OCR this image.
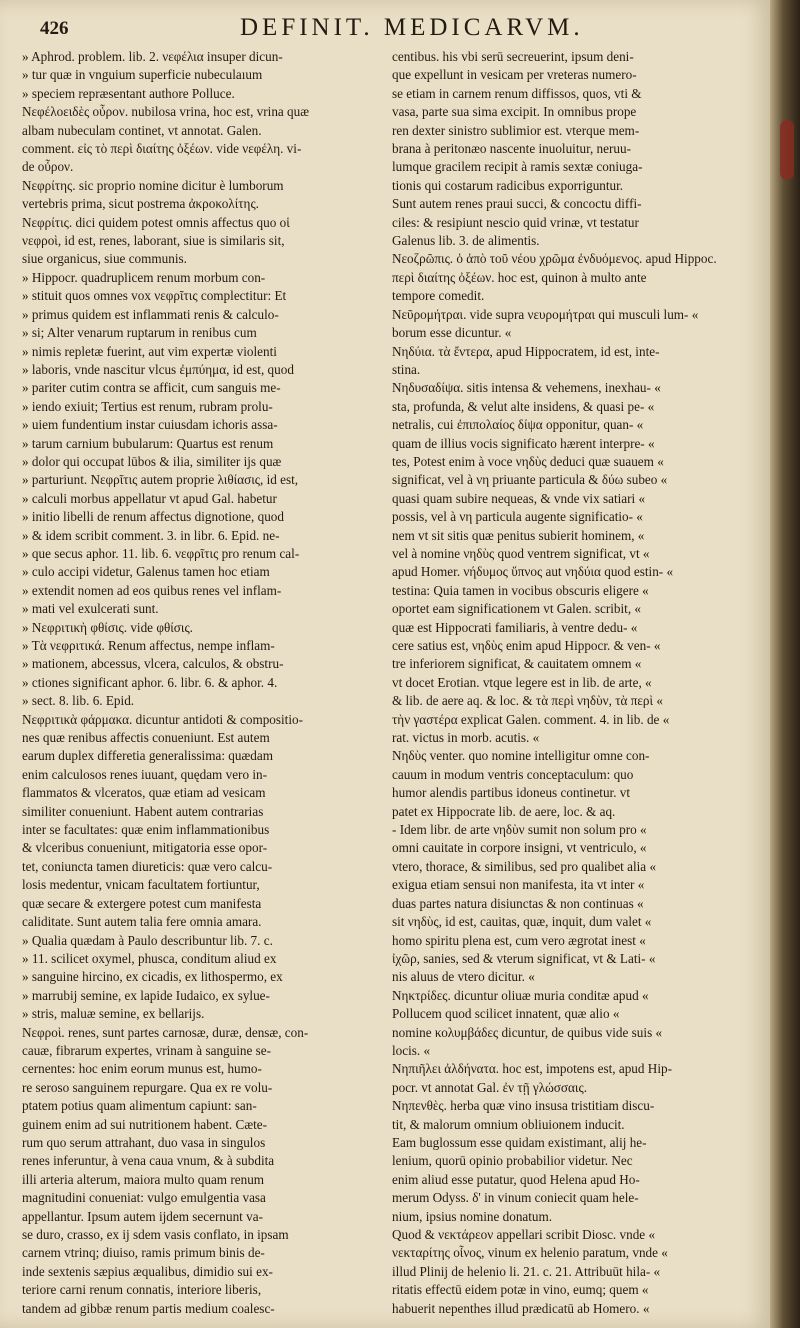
426	DEFINIT. MEDICARVM.
» Aphrod. problem. lib. 2. νεφέλια insuper dicun-
» tur quæ in vnguium superficie nubeculaıum
» speciem repræsentant authore Polluce.
Νεφέλοειδὲς οὖρον. nubilosa vrina, hoc est, vrina quæ
albam nubeculam continet, vt annotat. Galen.
comment. εἰς τὸ περὶ διαίτης ὀξέων. vide νεφέλη. vi-
de οὖρον.
Νεφρίτης. sic proprio nomine dicitur è lumborum
vertebris prima, sicut postrema ἀκροκολίτης.
Νεφρίτις. dici quidem potest omnis affectus quo οἱ
νεφροὶ, id est, renes, laborant, siue is similaris sit,
siue organicus, siue communis.
» Hippocr. quadruplicem renum morbum con-
» stituit quos omnes vox νεφρῖτις complectitur: Et
» primus quidem est inflammati renis & calculo-
» si; Alter venarum ruptarum in renibus cum
» nimis repletæ fuerint, aut vim expertæ violenti
» laboris, vnde nascitur vlcus ἐμπύημα, id est, quod
» pariter cutim contra se afficit, cum sanguis me-
» iendo exiuit; Tertius est renum, rubram prolu-
» uiem fundentium instar cuiusdam ichoris assa-
» tarum carnium bubularum: Quartus est renum
» dolor qui occupat lūbos & ilia, similiter ijs quæ
» parturiunt. Νεφρῖτις autem proprie λιθίασις, id est,
» calculi morbus appellatur vt apud Gal. habetur
» initio libelli de renum affectus dignotione, quod
» & idem scribit comment. 3. in libr. 6. Epid. ne-
» que secus aphor. 11. lib. 6. νεφρῖτις pro renum cal-
» culo accipi videtur, Galenus tamen hoc etiam
» extendit nomen ad eos quibus renes vel inflam-
» mati vel exulcerati sunt.
» Νεφριτικὴ φθίσις. vide φθίσις.
» Τὰ νεφριτικά. Renum affectus, nempe inflam-
» mationem, abcessus, vlcera, calculos, & obstru-
» ctiones significant aphor. 6. libr. 6. & aphor. 4.
» sect. 8. lib. 6. Epid.
Νεφριτικὰ φάρμακα. dicuntur antidoti & compositio-
nes quæ renibus affectis conueniunt. Est autem
earum duplex differetia generalissima: quædam
enim calculosos renes iuuant, quędam vero in-
flammatos & vlceratos, quæ etiam ad vesicam
similiter conueniunt. Habent autem contrarias
inter se facultates: quæ enim inflammationibus
& vlceribus conueniunt, mitigatoria esse opor-
tet, coniuncta tamen diureticis: quæ vero calcu-
losis medentur, vnicam facultatem fortiuntur,
quæ secare & extergere potest cum manifesta
caliditate. Sunt autem talia fere omnia amara.
» Qualia quædam à Paulo describuntur lib. 7. c.
» 11. scilicet oxymel, phusca, conditum aliud ex
» sanguine hircino, ex cicadis, ex lithospermo, ex
» marrubij semine, ex lapide Iudaico, ex sylue-
» stris, maluæ semine, ex bellarijs.
Νεφροὶ. renes, sunt partes carnosæ, duræ, densæ, con-
cauæ, fibrarum expertes, vrinam à sanguine se-
cernentes: hoc enim eorum munus est, humo-
re seroso sanguinem repurgare. Qua ex re volu-
ptatem potius quam alimentum capiunt: san-
guinem enim ad sui nutritionem habent. Cæte-
rum quo serum attrahant, duo vasa in singulos
renes inferuntur, à vena caua vnum, & à subdita
illi arteria alterum, maiora multo quam renum
magnitudini conueniat: vulgo emulgentia vasa
appellantur. Ipsum autem ijdem secernunt va-
se duro, crasso, ex ij sdem vasis conflato, in ipsam
carnem vtrinq; diuiso, ramis primum binis de-
inde sextenis sæpius æqualibus, dimidio sui ex-
teriore carni renum connatis, interiore liberis,
tandem ad gibbæ renum partis medium coalesc-
centibus. his vbi serū secreuerint, ipsum deni-
que expellunt in vesicam per vreteras numero-
se etiam in carnem renum diffissos, quos, vti &
vasa, parte sua sima excipit. In omnibus prope
ren dexter sinistro sublimior est. vterque mem-
brana à peritonæo nascente inuoluitur, neruu-
lumque gracilem recipit à ramis sextæ coniuga-
tionis qui costarum radicibus exporriguntur.
Sunt autem renes praui succi, & concoctu diffi-
ciles: & resipiunt nescio quid vrinæ, vt testatur
Galenus lib. 3. de alimentis.
Νεοζρῶπις. ὁ ἀπὸ τοῦ νέου χρῶμα ἐνδυόμενος. apud Hippoc.
περὶ διαίτης ὀξέων. hoc est, quinon à multo ante
tempore comedit.
Νεῦρομήτραι. vide supra νευρομήτραι qui musculi lum- «
borum esse dicuntur. «
Νηδύια. τὰ ἔντερα, apud Hippocratem, id est, inte-
stina.
Νηδυσαδίψα. sitis intensa & vehemens, inexhau- «
sta, profunda, & velut alte insidens, & quasi pe- «
netralis, cui ἐπιπολαίος δίψα opponitur, quan- «
quam de illius vocis significato hærent interpre- «
tes, Potest enim à voce νηδὺς deduci quæ suauem «
significat, vel à νη priuante particula & δύω subeo «
quasi quam subire nequeas, & vnde vix satiari «
possis, vel à νη particula augente significatio- «
nem vt sit sitis quæ penitus subierit hominem, «
vel à nomine νηδὺς quod ventrem significat, vt «
apud Homer. νήδυμος ὕπνος aut νηδύια quod estin- «
testina: Quia tamen in vocibus obscuris eligere «
oportet eam significationem vt Galen. scribit, «
quæ est Hippocrati familiaris, à ventre dedu- «
cere satius est, νηδὺς enim apud Hippocr. & ven- «
tre inferiorem significat, & cauitatem omnem «
vt docet Erotian. vtque legere est in lib. de arte, «
& lib. de aere aq. & loc. & τὰ περὶ νηδὺν, τὰ περὶ «
τὴν γαστέρα explicat Galen. comment. 4. in lib. de «
rat. victus in morb. acutis. «
Νηδὺς venter. quo nomine intelligitur omne con-
cauum in modum ventris conceptaculum: quo
humor alendis partibus idoneus continetur. vt
patet ex Hippocrate lib. de aere, loc. & aq.
- Idem libr. de arte νηδὺν sumit non solum pro «
omni cauitate in corpore insigni, vt ventriculo, «
vtero, thorace, & similibus, sed pro qualibet alia «
exigua etiam sensui non manifesta, ita vt inter «
duas partes natura disiunctas & non continuas «
sit νηδὺς, id est, cauitas, quæ, inquit, dum valet «
homo spiritu plena est, cum vero ægrotat inest «
ἰχῶρ, sanies, sed & vterum significat, vt & Lati- «
nis aluus de vtero dicitur. «
Νηκτρίδες. dicuntur oliuæ muria conditæ apud «
Pollucem quod scilicet innatent, quæ alio «
nomine κολυμβάδες dicuntur, de quibus vide suis «
locis. «
Νηπιῆλει ἀλδήνατα. hoc est, impotens est, apud Hip-
pocr. vt annotat Gal. ἐν τῇ γλώσσαις.
Νηπενθὲς. herba quæ vino insusa tristitiam discu-
tit, & malorum omnium obliuionem inducit.
Eam buglossum esse quidam existimant, alij he-
lenium, quorū opinio probabilior videtur. Nec
enim aliud esse putatur, quod Helena apud Ho-
merum Odyss. δ' in vinum coniecit quam hele-
nium, ipsius nomine donatum.
Quod & νεκτάρεον appellari scribit Diosc. vnde «
νεκταρίτης οἶνος, vinum ex helenio paratum, vnde «
illud Plinij de helenio li. 21. c. 21. Attribuūt hila- «
ritatis effectū eidem potæ in vino, eumq; quem «
habuerit nepenthes illud prædicatū ab Homero. «
